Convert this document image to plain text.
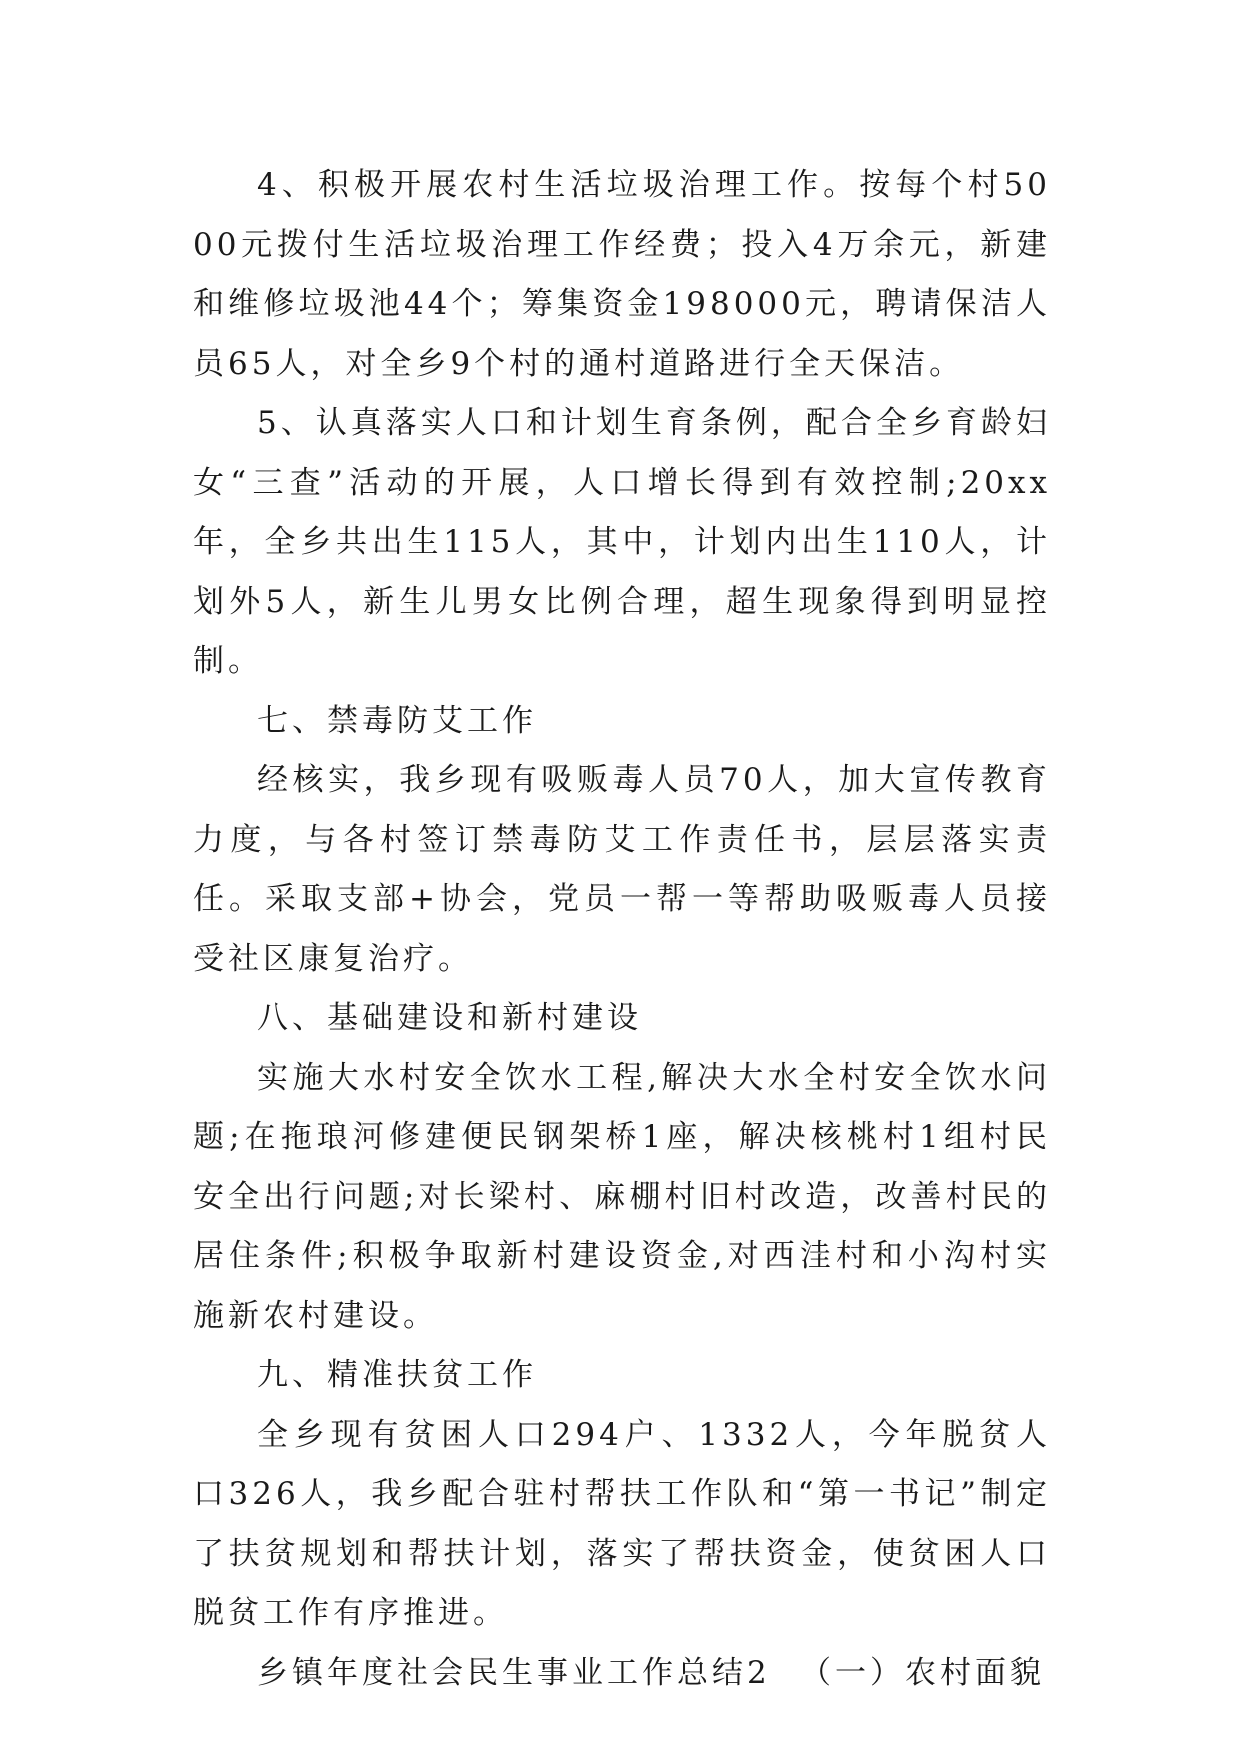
4、积极开展农村生活垃圾治理工作。按每个村5000元拨付生活垃圾治理工作经费；投入4万余元，新建和维修垃圾池44个；筹集资金198000元，聘请保洁人员65人，对全乡9个村的通村道路进行全天保洁。

5、认真落实人口和计划生育条例，配合全乡育龄妇女“三查”活动的开展，人口增长得到有效控制;20xx年，全乡共出生115人，其中，计划内出生110人，计划外5人，新生儿男女比例合理，超生现象得到明显控制。

七、禁毒防艾工作

经核实，我乡现有吸贩毒人员70人，加大宣传教育力度，与各村签订禁毒防艾工作责任书，层层落实责任。采取支部+协会，党员一帮一等帮助吸贩毒人员接受社区康复治疗。

八、基础建设和新村建设

实施大水村安全饮水工程,解决大水全村安全饮水问题;在拖琅河修建便民钢架桥1座，解决核桃村1组村民安全出行问题;对长梁村、麻棚村旧村改造，改善村民的居住条件;积极争取新村建设资金,对西洼村和小沟村实施新农村建设。

九、精准扶贫工作

全乡现有贫困人口294户、1332人，今年脱贫人口326人，我乡配合驻村帮扶工作队和“第一书记”制定了扶贫规划和帮扶计划，落实了帮扶资金，使贫困人口脱贫工作有序推进。

乡镇年度社会民生事业工作总结2 （一）农村面貌
